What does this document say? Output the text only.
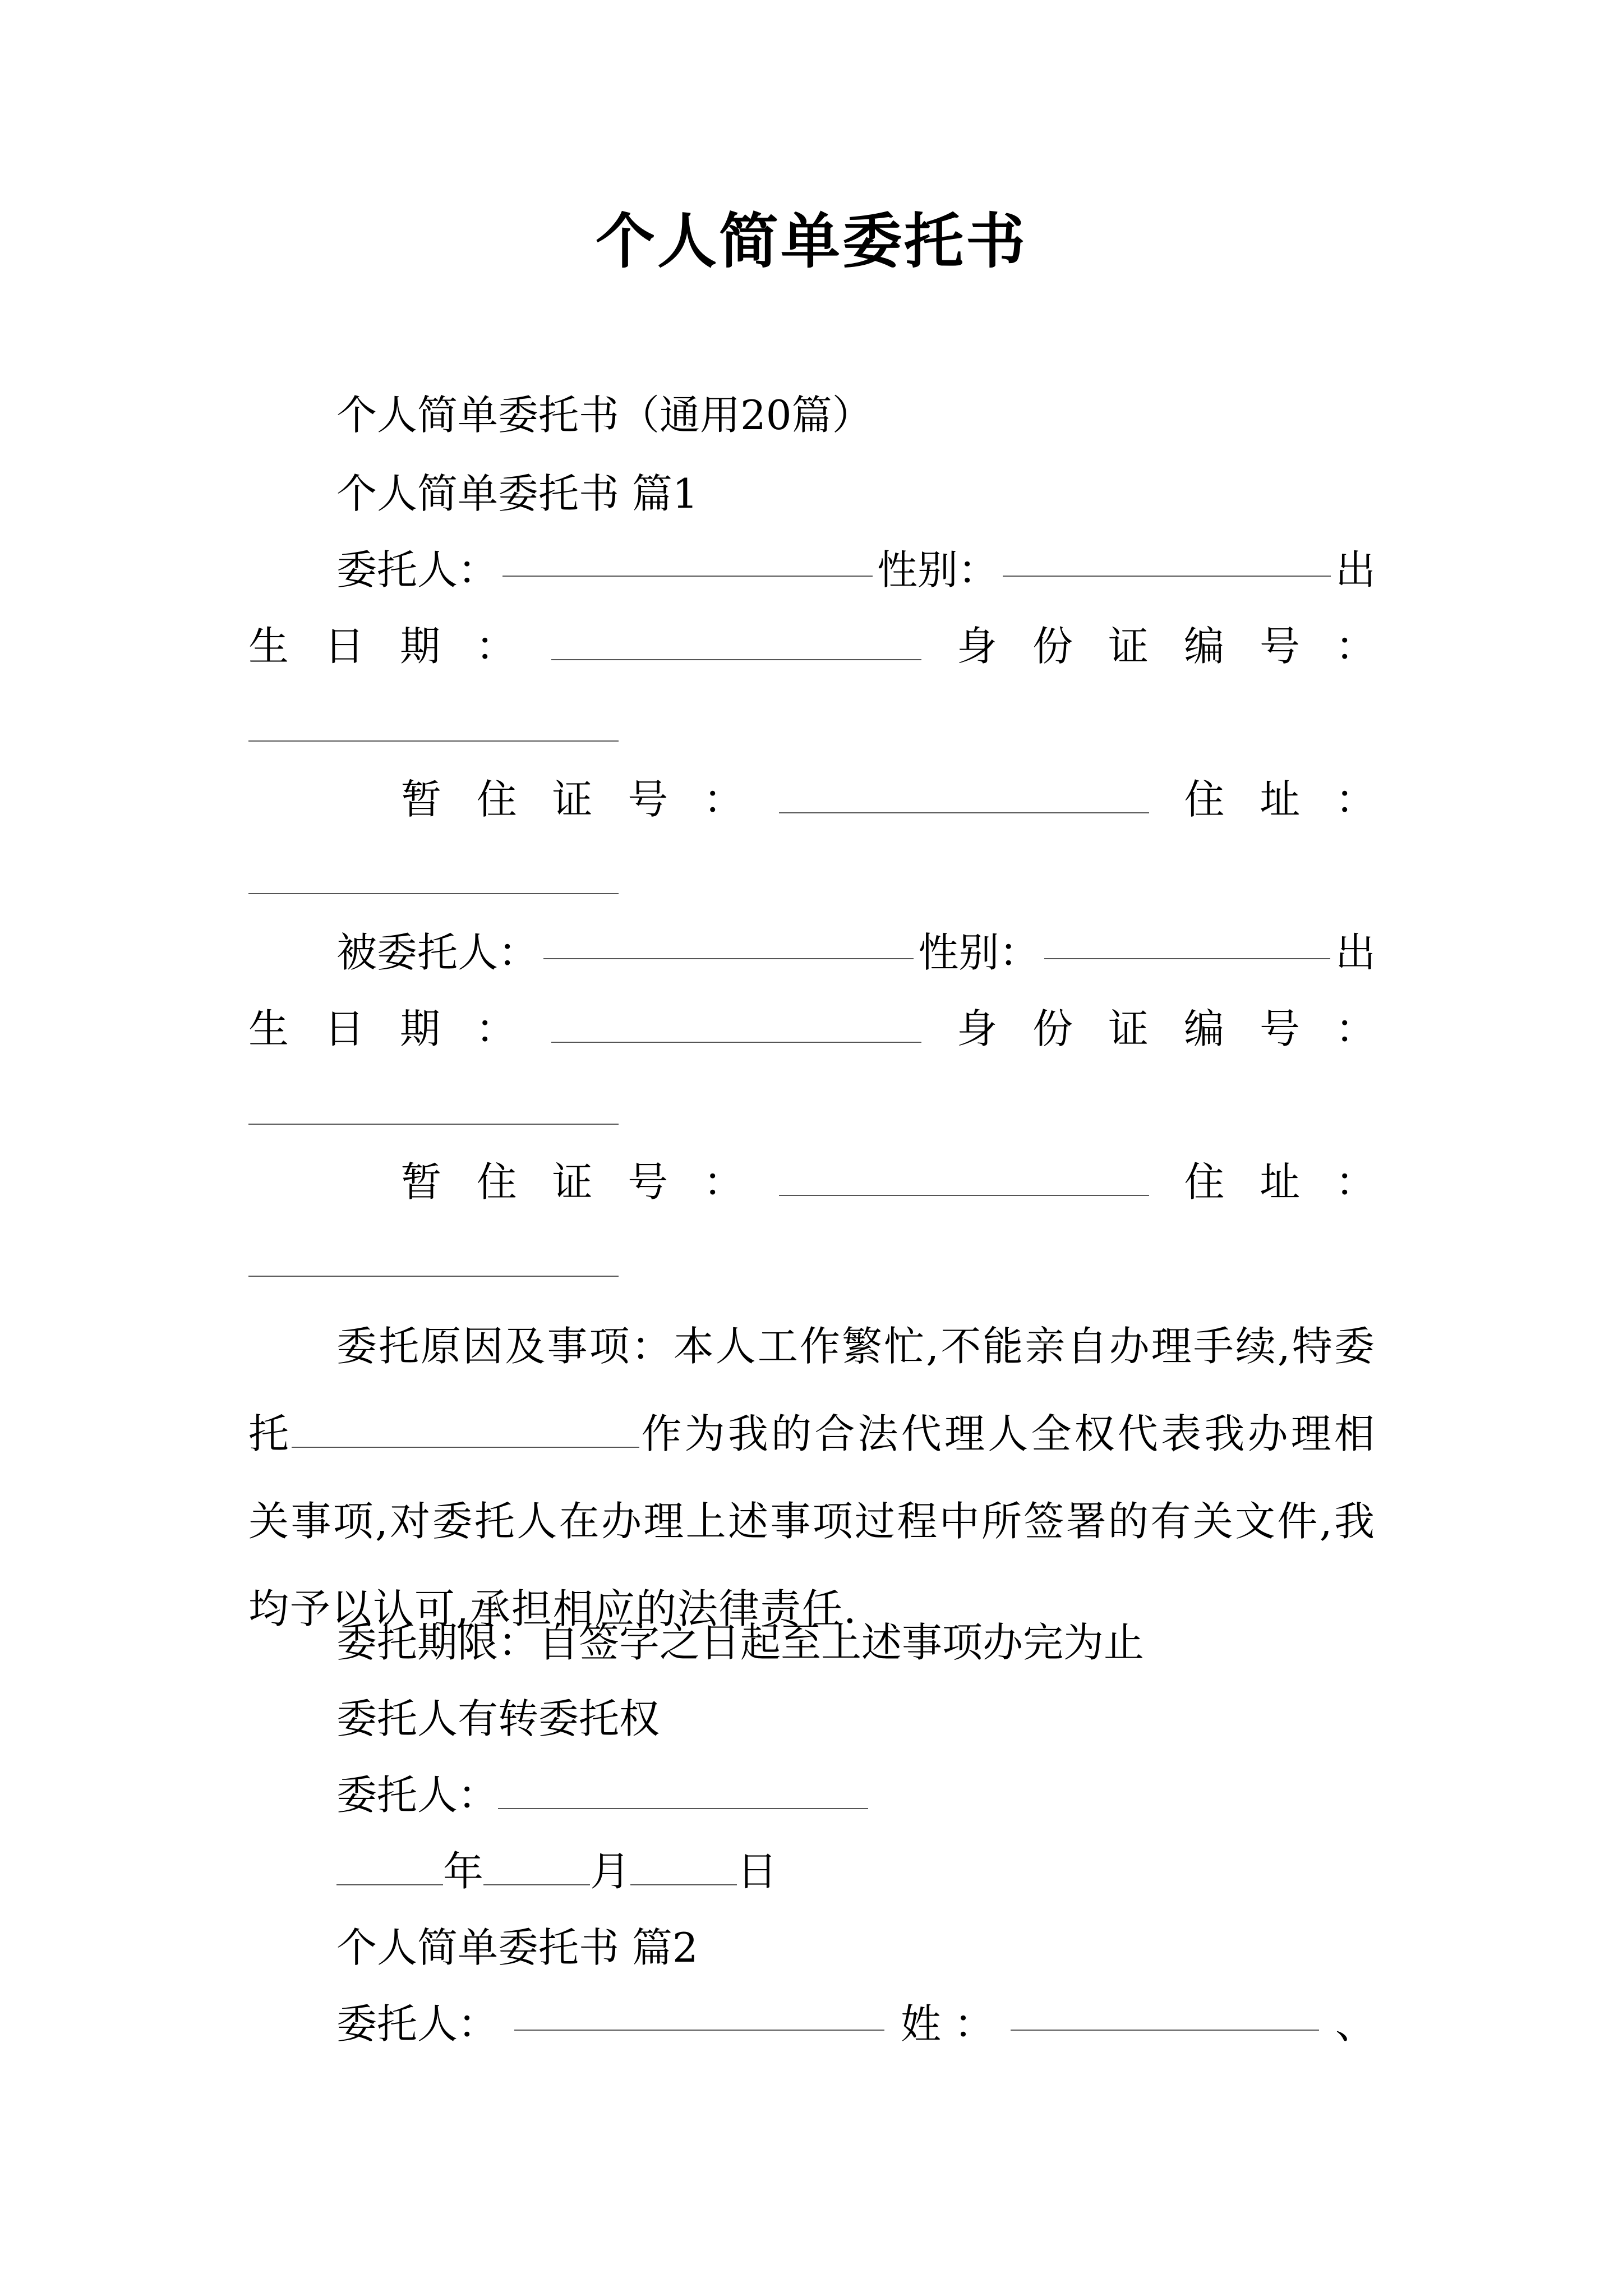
个人简单委托书
个人简单委托书（通用20篇）
个人简单委托书 篇1
委托人：	性别：	出
生 日 期 ：	身 份 证 编 号 ：
暂 住 证 号 ：	住 址 ：
被委托人：	性别：	出
生 日 期 ：	身 份 证 编 号 ：
暂 住 证 号 ：	住 址 ：
委托原因及事项：本人工作繁忙,不能亲自办理手续,特委托	作为我的合法代理人全权代表我办理相关事项,对委托人在办理上述事项过程中所签署的有关文件,我均予以认可,承担相应的法律责任.
委托期限：自签字之日起至上述事项办完为止
委托人有转委托权
委托人：
年	月	日
个人简单委托书 篇2
委托人：	姓 ：	、
